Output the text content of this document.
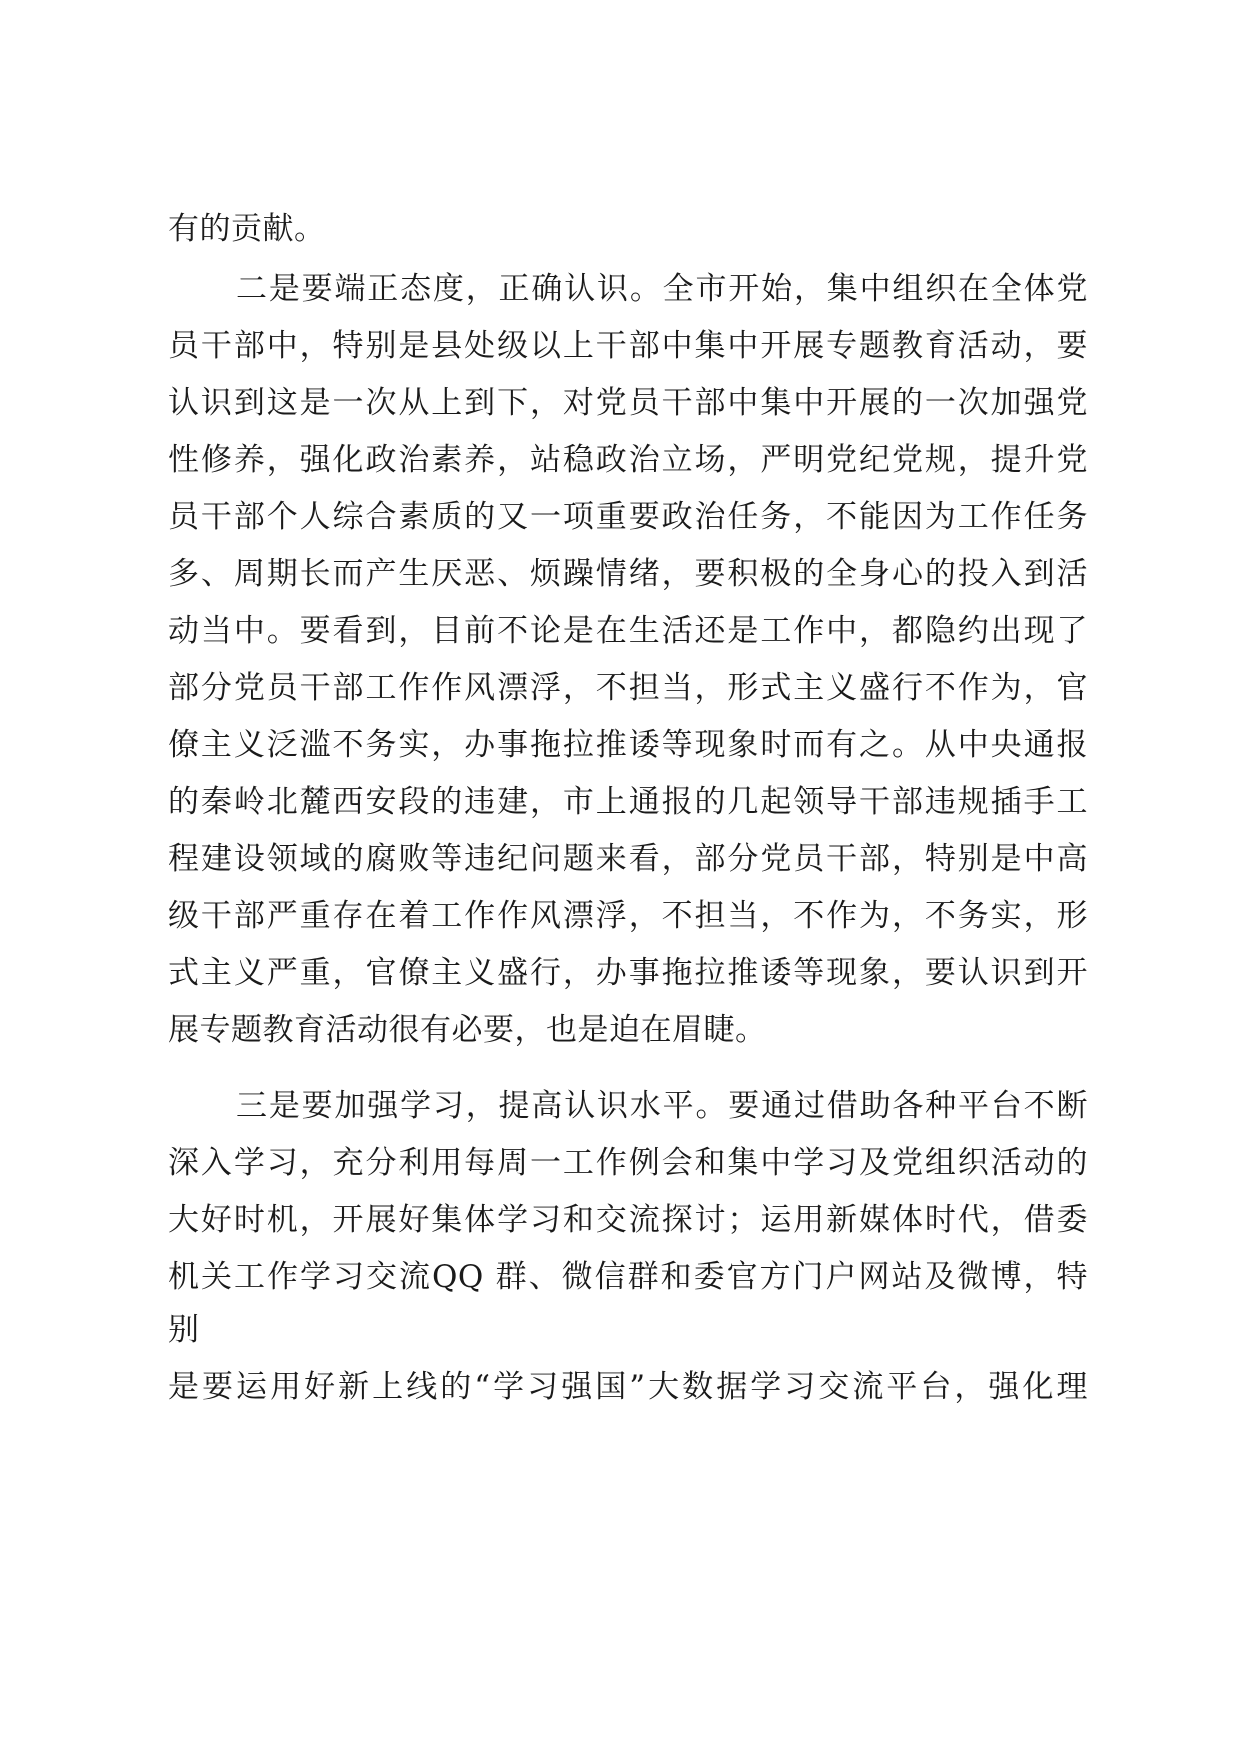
有的贡献。
二是要端正态度，正确认识。全市开始，集中组织在全体党
员干部中，特别是县处级以上干部中集中开展专题教育活动，要
认识到这是一次从上到下，对党员干部中集中开展的一次加强党
性修养，强化政治素养，站稳政治立场，严明党纪党规，提升党
员干部个人综合素质的又一项重要政治任务，不能因为工作任务
多、周期长而产生厌恶、烦躁情绪，要积极的全身心的投入到活
动当中。要看到，目前不论是在生活还是工作中，都隐约出现了
部分党员干部工作作风漂浮，不担当，形式主义盛行不作为，官
僚主义泛滥不务实，办事拖拉推诿等现象时而有之。从中央通报
的秦岭北麓西安段的违建，市上通报的几起领导干部违规插手工
程建设领域的腐败等违纪问题来看，部分党员干部，特别是中高
级干部严重存在着工作作风漂浮，不担当，不作为，不务实，形
式主义严重，官僚主义盛行，办事拖拉推诿等现象，要认识到开
展专题教育活动很有必要，也是迫在眉睫。
三是要加强学习，提高认识水平。要通过借助各种平台不断
深入学习，充分利用每周一工作例会和集中学习及党组织活动的
大好时机，开展好集体学习和交流探讨；运用新媒体时代，借委
机关工作学习交流QQ 群、微信群和委官方门户网站及微博，特
别
是要运用好新上线的“学习强国”大数据学习交流平台，强化理
